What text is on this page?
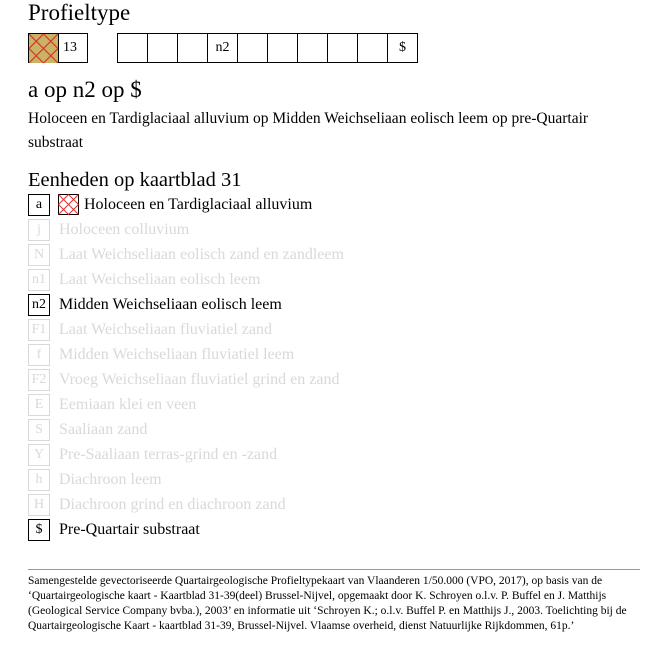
Profieltype
13	n2	$
a op n2 op $
Holoceen en Tardiglaciaal alluvium op Midden Weichseliaan eolisch leem op pre-Quartair substraat
Eenheden op kaartblad 31
a	Holoceen en Tardiglaciaal alluvium
j	Holoceen colluvium
N Laat Weichseliaan eolisch zand en zandleem
n1 Laat Weichseliaan eolisch leem
n2 Midden Weichseliaan eolisch leem
F1 Laat Weichseliaan fluviatiel zand
f	Midden Weichseliaan fluviatiel leem
F2 Vroeg Weichseliaan fluviatiel grind en zand
E Eemiaan klei en veen
S	Saaliaan zand
Y Pre-Saaliaan terras-grind en -zand
h	Diachroon leem
H Diachroon grind en diachroon zand
$	Pre-Quartair substraat
Samengestelde gevectoriseerde Quartairgeologische Profieltypekaart van Vlaanderen 1/50.000 (VPO, 2017), op basis van de ‘Quartairgeologische kaart - Kaartblad 31-39(deel) Brussel-Nijvel, opgemaakt door K. Schroyen o.l.v. P. Buffel en J. Matthijs (Geological Service Company bvba.), 2003’ en informatie uit ‘Schroyen K.; o.l.v. Buffel P. en Matthijs J., 2003. Toelichting bij de Quartairgeologische Kaart - kaartblad 31-39, Brussel-Nijvel. Vlaamse overheid, dienst Natuurlijke Rijkdommen, 61p.’
